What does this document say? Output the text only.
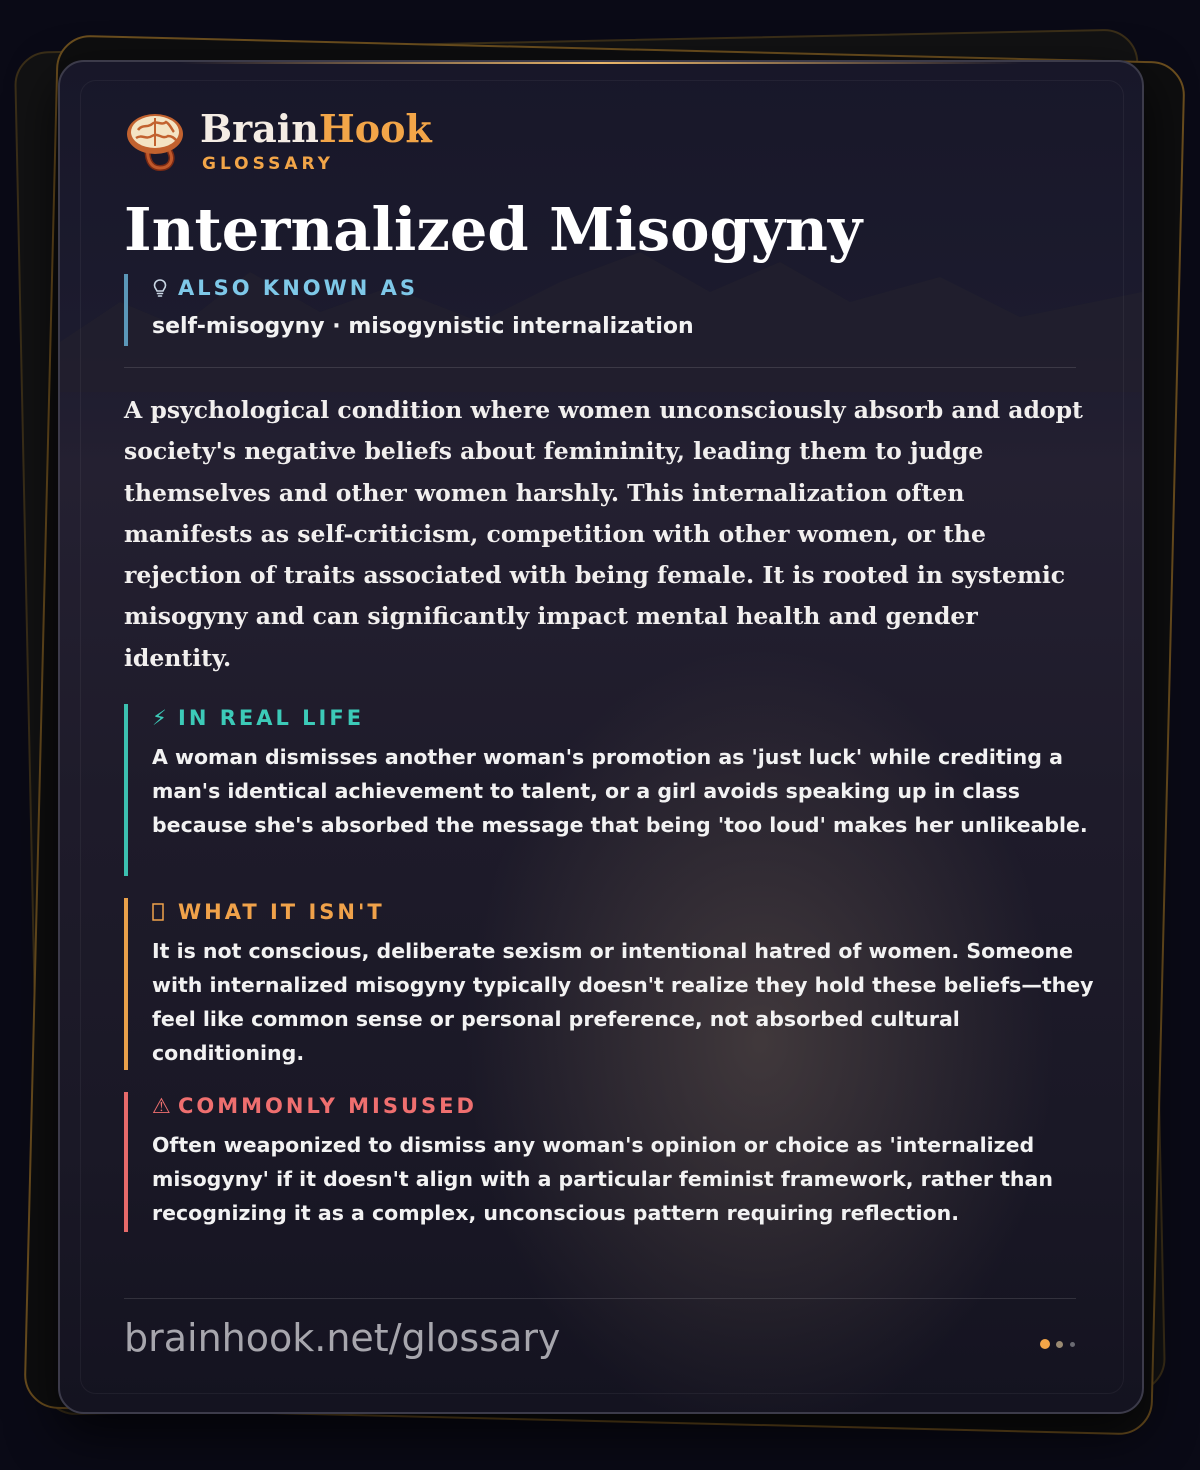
BrainHook
GLOSSARY
Internalized Misogyny
ALSO KNOWN AS
self-misogyny · misogynistic internalization

A psychological condition where women unconsciously absorb and adopt society's negative beliefs about femininity, leading them to judge themselves and other women harshly. This internalization often manifests as self-criticism, competition with other women, or the rejection of traits associated with being female. It is rooted in systemic misogyny and can significantly impact mental health and gender identity.

⚡ IN REAL LIFE
A woman dismisses another woman's promotion as 'just luck' while crediting a man's identical achievement to talent, or a girl avoids speaking up in class because she's absorbed the message that being 'too loud' makes her unlikeable.
WHAT IT ISN'T
It is not conscious, deliberate sexism or intentional hatred of women. Someone with internalized misogyny typically doesn't realize they hold these beliefs—they feel like common sense or personal preference, not absorbed cultural conditioning.
⚠ COMMONLY MISUSED
Often weaponized to dismiss any woman's opinion or choice as 'internalized misogyny' if it doesn't align with a particular feminist framework, rather than recognizing it as a complex, unconscious pattern requiring reflection.
brainhook.net/glossary
